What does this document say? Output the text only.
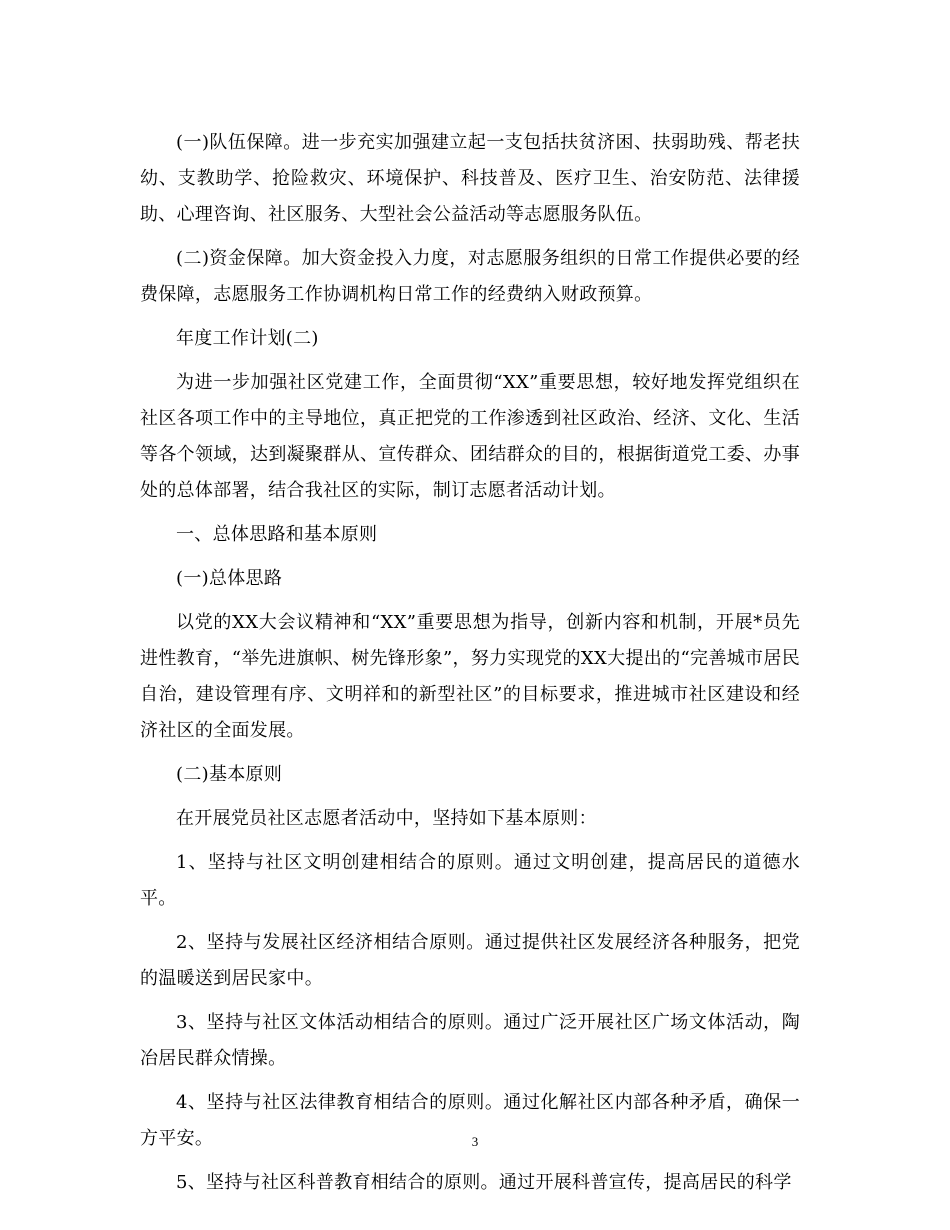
(一)队伍保障。进一步充实加强建立起一支包括扶贫济困、扶弱助残、帮老扶幼、支教助学、抢险救灾、环境保护、科技普及、医疗卫生、治安防范、法律援助、心理咨询、社区服务、大型社会公益活动等志愿服务队伍。

(二)资金保障。加大资金投入力度，对志愿服务组织的日常工作提供必要的经费保障，志愿服务工作协调机构日常工作的经费纳入财政预算。

年度工作计划(二)

为进一步加强社区党建工作，全面贯彻“XX”重要思想，较好地发挥党组织在社区各项工作中的主导地位，真正把党的工作渗透到社区政治、经济、文化、生活等各个领域，达到凝聚群从、宣传群众、团结群众的目的，根据街道党工委、办事处的总体部署，结合我社区的实际，制订志愿者活动计划。

一、总体思路和基本原则

(一)总体思路

以党的XX大会议精神和“XX”重要思想为指导，创新内容和机制，开展*员先进性教育，“举先进旗帜、树先锋形象”，努力实现党的XX大提出的“完善城市居民自治，建设管理有序、文明祥和的新型社区”的目标要求，推进城市社区建设和经济社区的全面发展。

(二)基本原则

在开展党员社区志愿者活动中，坚持如下基本原则：

1、坚持与社区文明创建相结合的原则。通过文明创建，提高居民的道德水平。

2、坚持与发展社区经济相结合原则。通过提供社区发展经济各种服务，把党的温暖送到居民家中。

3、坚持与社区文体活动相结合的原则。通过广泛开展社区广场文体活动，陶冶居民群众情操。

4、坚持与社区法律教育相结合的原则。通过化解社区内部各种矛盾，确保一方平安。

5、坚持与社区科普教育相结合的原则。通过开展科普宣传，提高居民的科学

3
